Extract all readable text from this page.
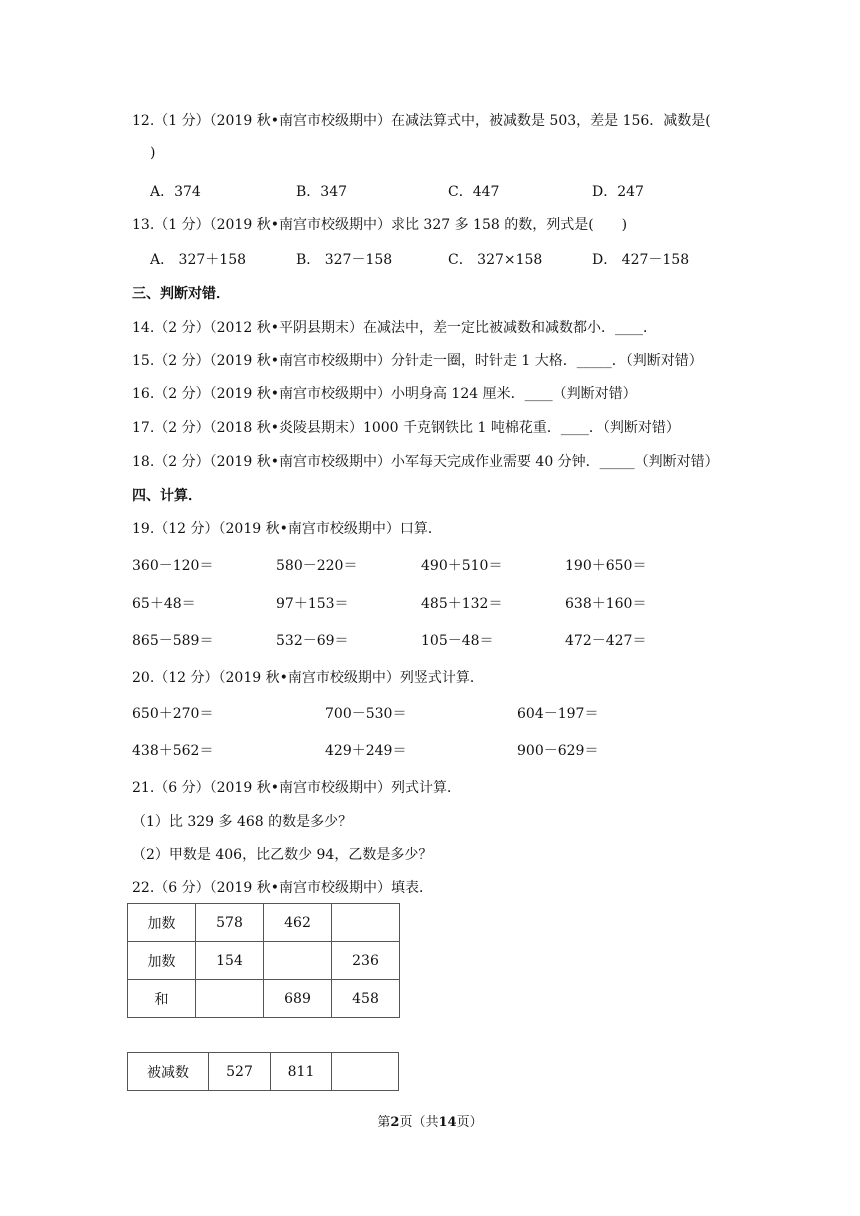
12.（1 分）（2019 秋•南宫市校级期中）在减法算式中，被减数是 503，差是 156．减数是(
)
A．374	B．347	C．447	D．247
13.（1 分）（2019 秋•南宫市校级期中）求比 327 多 158 的数，列式是(　　)
A． 327＋158	B． 327－158	C． 327×158	D． 427－158
三、判断对错．
14.（2 分）（2012 秋•平阴县期末）在减法中，差一定比被减数和减数都小．____．
15.（2 分）（2019 秋•南宫市校级期中）分针走一圈，时针走 1 大格．_____．（判断对错）
16.（2 分）（2019 秋•南宫市校级期中）小明身高 124 厘米．____（判断对错）
17.（2 分）（2018 秋•炎陵县期末）1000 千克钢铁比 1 吨棉花重．____．（判断对错）
18.（2 分）（2019 秋•南宫市校级期中）小军每天完成作业需要 40 分钟．_____（判断对错）
四、计算．
19.（12 分）（2019 秋•南宫市校级期中）口算．
360－120＝	580－220＝	490＋510＝	190＋650＝
65＋48＝	97＋153＝	485＋132＝	638＋160＝
865－589＝	532－69＝	105－48＝	472－427＝
20.（12 分）（2019 秋•南宫市校级期中）列竖式计算．
650＋270＝	700－530＝	604－197＝
438＋562＝	429＋249＝	900－629＝
21.（6 分）（2019 秋•南宫市校级期中）列式计算．
（1）比 329 多 468 的数是多少？
（2）甲数是 406，比乙数少 94，乙数是多少？
22.（6 分）（2019 秋•南宫市校级期中）填表．
加数	578	462	
加数	154		236
和		689	458
被减数	527	811	
第2页（共14页）
